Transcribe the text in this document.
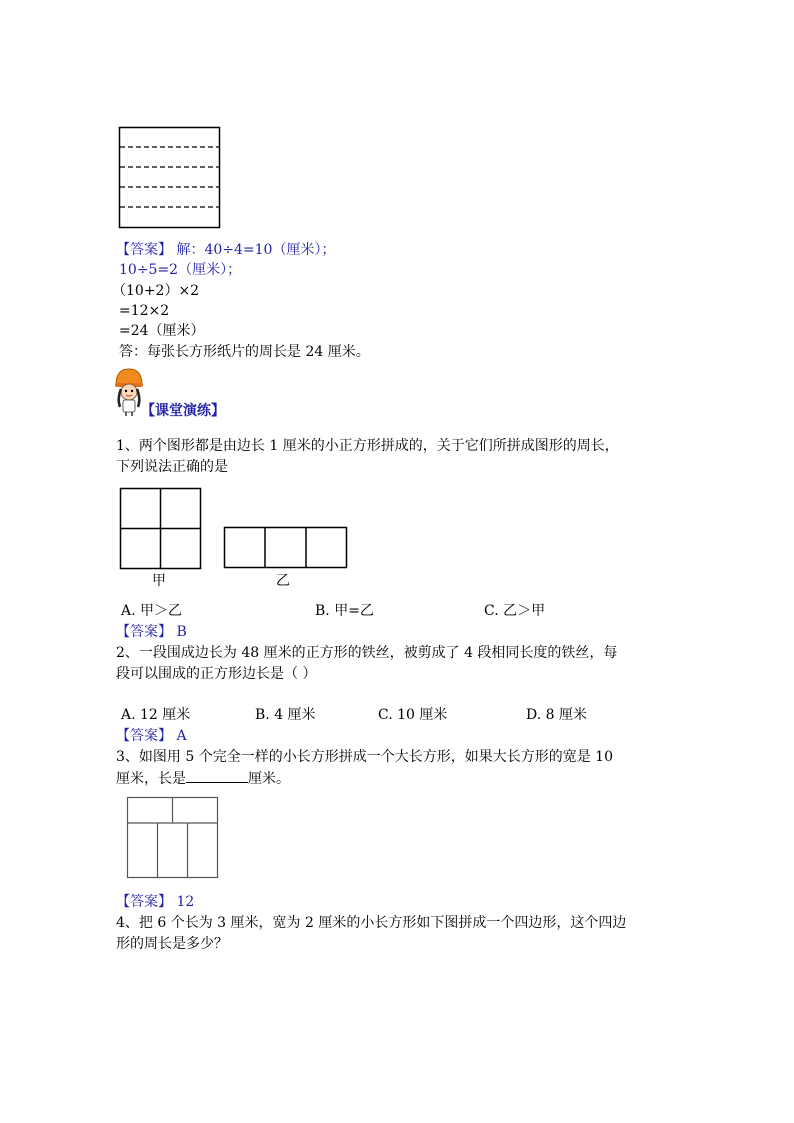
【答案】 解：40÷4=10（厘米）；
10÷5=2（厘米）；
（10+2）×2
=12×2
=24（厘米）
答：每张长方形纸片的周长是 24 厘米。
【课堂演练】
1、两个图形都是由边长 1 厘米的小正方形拼成的，关于它们所拼成图形的周长，
下列说法正确的是
甲	乙
A. 甲＞乙	B. 甲=乙	C. 乙＞甲
【答案】 B
2、一段围成边长为 48 厘米的正方形的铁丝，被剪成了 4 段相同长度的铁丝，每
段可以围成的正方形边长是（ ）
A. 12 厘米	B. 4 厘米	C. 10 厘米	D. 8 厘米
【答案】 A
3、如图用 5 个完全一样的小长方形拼成一个大长方形，如果大长方形的宽是 10
厘米，长是	厘米。
【答案】 12
4、把 6 个长为 3 厘米，宽为 2 厘米的小长方形如下图拼成一个四边形，这个四边
形的周长是多少？
